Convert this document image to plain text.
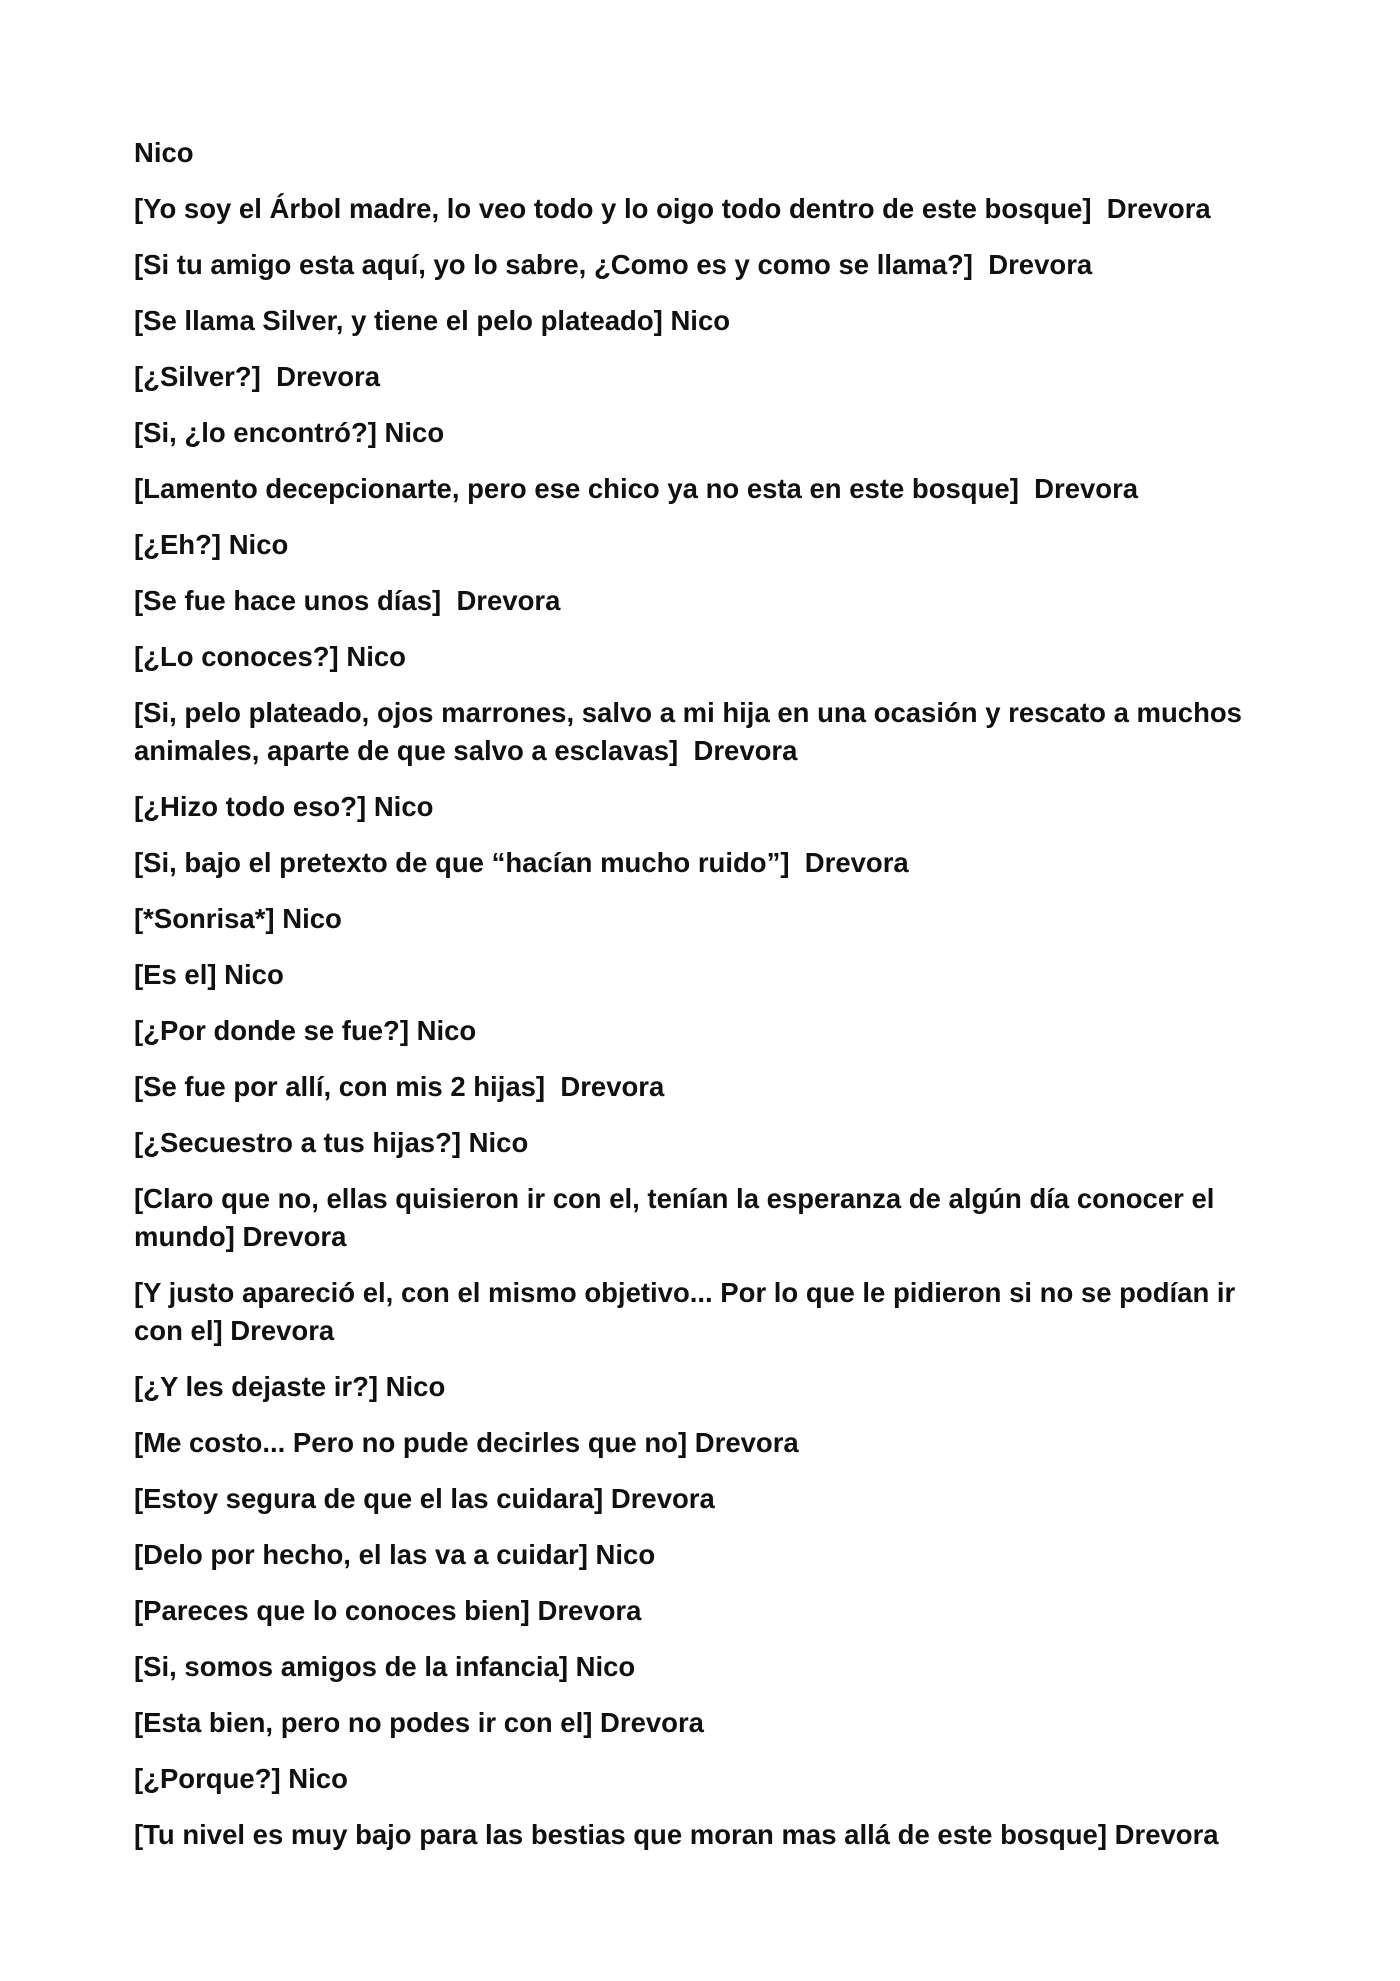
Nico

[Yo soy el Árbol madre, lo veo todo y lo oigo todo dentro de este bosque]  Drevora

[Si tu amigo esta aquí, yo lo sabre, ¿Como es y como se llama?]  Drevora

[Se llama Silver, y tiene el pelo plateado] Nico

[¿Silver?]  Drevora

[Si, ¿lo encontró?] Nico

[Lamento decepcionarte, pero ese chico ya no esta en este bosque]  Drevora

[¿Eh?] Nico

[Se fue hace unos días]  Drevora

[¿Lo conoces?] Nico

[Si, pelo plateado, ojos marrones, salvo a mi hija en una ocasión y rescato a muchos animales, aparte de que salvo a esclavas]  Drevora

[¿Hizo todo eso?] Nico

[Si, bajo el pretexto de que “hacían mucho ruido”]  Drevora

[*Sonrisa*] Nico

[Es el] Nico

[¿Por donde se fue?] Nico

[Se fue por allí, con mis 2 hijas]  Drevora

[¿Secuestro a tus hijas?] Nico

[Claro que no, ellas quisieron ir con el, tenían la esperanza de algún día conocer el mundo] Drevora

[Y justo apareció el, con el mismo objetivo... Por lo que le pidieron si no se podían ir con el] Drevora

[¿Y les dejaste ir?] Nico

[Me costo... Pero no pude decirles que no] Drevora

[Estoy segura de que el las cuidara] Drevora

[Delo por hecho, el las va a cuidar] Nico

[Pareces que lo conoces bien] Drevora

[Si, somos amigos de la infancia] Nico

[Esta bien, pero no podes ir con el] Drevora

[¿Porque?] Nico

[Tu nivel es muy bajo para las bestias que moran mas allá de este bosque] Drevora
